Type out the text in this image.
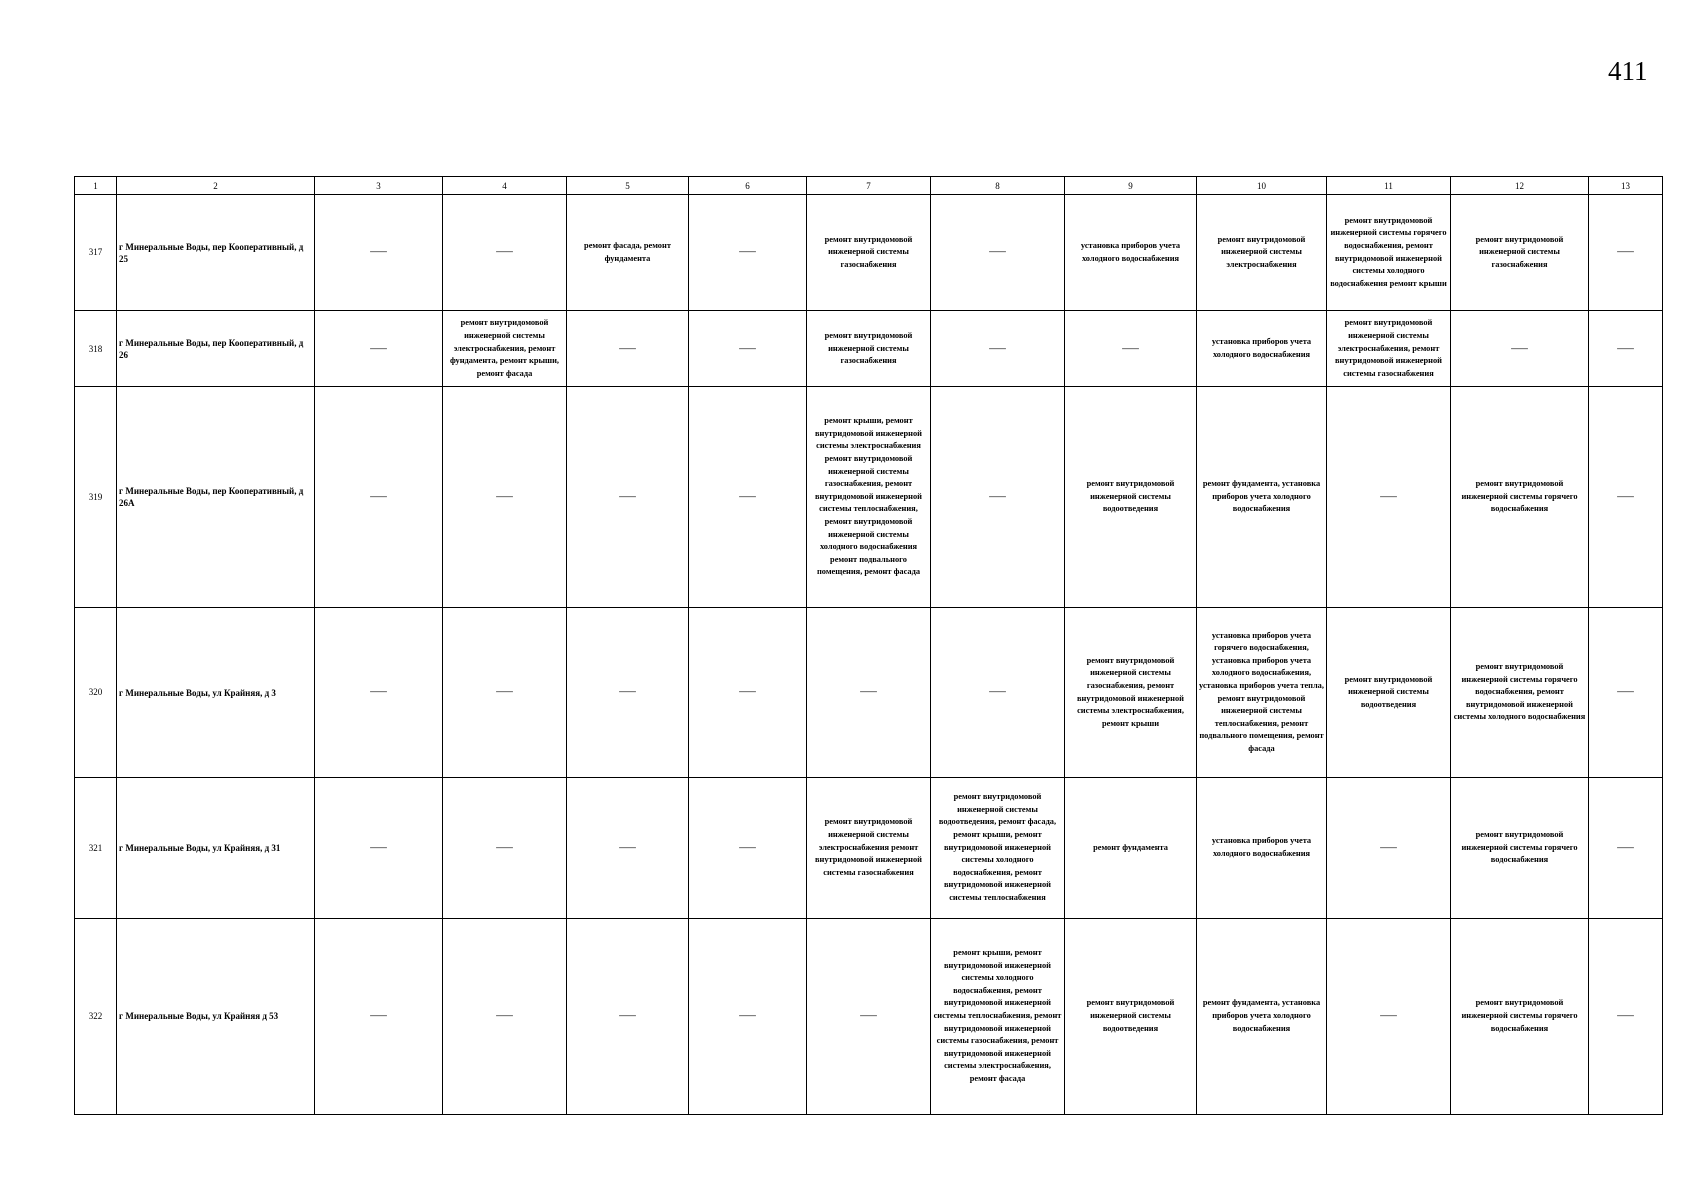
411
1	2	3	4	5	6	7	8	9	10	11	12	13
317	г Минеральные Воды, пер Кооперативный, д 25	——	——	ремонт фасада, ремонт фундамента	——	ремонт внутридомовой инженерной системы газоснабжения	——	установка приборов учета холодного водоснабжения	ремонт внутридомовой инженерной системы электроснабжения	ремонт внутридомовой инженерной системы горячего водоснабжения, ремонт внутридомовой инженерной системы холодного водоснабжения ремонт крыши	ремонт внутридомовой инженерной системы газоснабжения	——
318	г Минеральные Воды, пер Кооперативный, д 26	——	ремонт внутридомовой инженерной системы электроснабжения, ремонт фундамента, ремонт крыши, ремонт фасада	——	——	ремонт внутридомовой инженерной системы газоснабжения	——	——	установка приборов учета холодного водоснабжения	ремонт внутридомовой инженерной системы электроснабжения, ремонт внутридомовой инженерной системы газоснабжения	——	——
319	г Минеральные Воды, пер Кооперативный, д 26А	——	——	——	——	ремонт крыши, ремонт внутридомовой инженерной системы электроснабжения ремонт внутридомовой инженерной системы газоснабжения, ремонт внутридомовой инженерной системы теплоснабжения, ремонт внутридомовой инженерной системы холодного водоснабжения ремонт подвального помещения, ремонт фасада	——	ремонт внутридомовой инженерной системы водоотведения	ремонт фундамента, установка приборов учета холодного водоснабжения	——	ремонт внутридомовой инженерной системы горячего водоснабжения	——
320	г Минеральные Воды, ул Крайняя, д 3	——	——	——	——	——	——	ремонт внутридомовой инженерной системы газоснабжения, ремонт внутридомовой инженерной системы электроснабжения, ремонт крыши	установка приборов учета горячего водоснабжения, установка приборов учета холодного водоснабжения, установка приборов учета тепла, ремонт внутридомовой инженерной системы теплоснабжения, ремонт подвального помещения, ремонт фасада	ремонт внутридомовой инженерной системы водоотведения	ремонт внутридомовой инженерной системы горячего водоснабжения, ремонт внутридомовой инженерной системы холодного водоснабжения	——
321	г Минеральные Воды, ул Крайняя, д 31	——	——	——	——	ремонт внутридомовой инженерной системы электроснабжения ремонт внутридомовой инженерной системы газоснабжения	ремонт внутридомовой инженерной системы водоотведения, ремонт фасада, ремонт крыши, ремонт внутридомовой инженерной системы холодного водоснабжения, ремонт внутридомовой инженерной системы теплоснабжения	ремонт фундамента	установка приборов учета холодного водоснабжения	——	ремонт внутридомовой инженерной системы горячего водоснабжения	——
322	г Минеральные Воды, ул Крайняя д 53	——	——	——	——	——	ремонт крыши, ремонт внутридомовой инженерной системы холодного водоснабжения, ремонт внутридомовой инженерной системы теплоснабжения, ремонт внутридомовой инженерной системы газоснабжения, ремонт внутридомовой инженерной системы электроснабжения, ремонт фасада	ремонт внутридомовой инженерной системы водоотведения	ремонт фундамента, установка приборов учета холодного водоснабжения	——	ремонт внутридомовой инженерной системы горячего водоснабжения	——
